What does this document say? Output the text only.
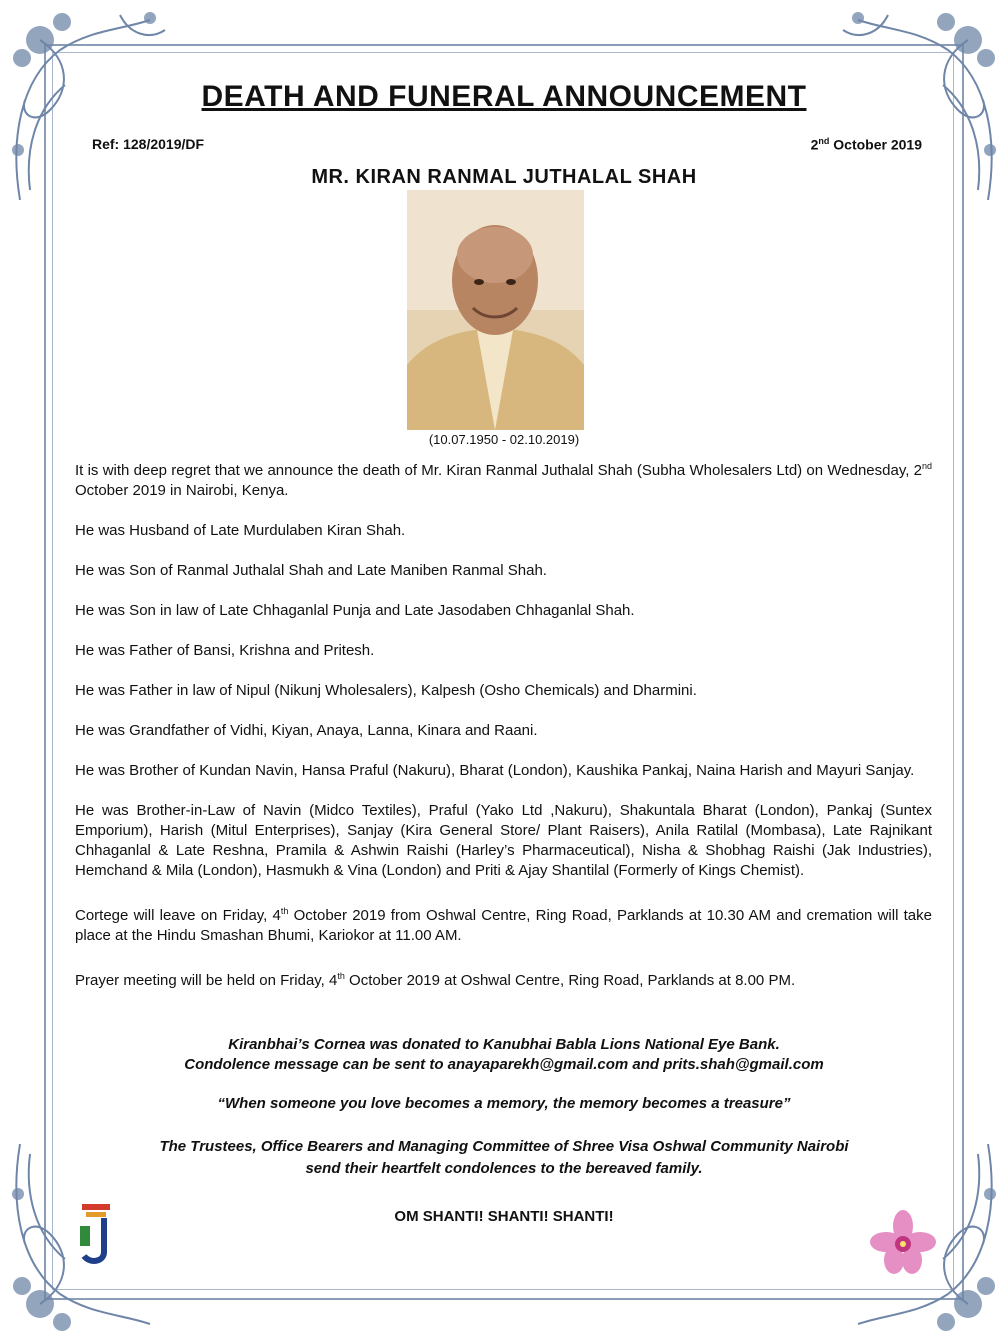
DEATH AND FUNERAL ANNOUNCEMENT
Ref: 128/2019/DF	2nd October 2019
MR. KIRAN RANMAL JUTHALAL SHAH
(10.07.1950 - 02.10.2019)

It is with deep regret that we announce the death of Mr. Kiran Ranmal Juthalal Shah (Subha Wholesalers Ltd) on Wednesday, 2nd October 2019 in Nairobi, Kenya.

He was Husband of Late Murdulaben Kiran Shah.

He was Son of Ranmal Juthalal Shah and Late Maniben Ranmal Shah.

He was Son in law of Late Chhaganlal Punja and Late Jasodaben Chhaganlal Shah.

He was Father of Bansi, Krishna and Pritesh.

He was Father in law of Nipul (Nikunj Wholesalers), Kalpesh (Osho Chemicals) and Dharmini.

He was Grandfather of Vidhi, Kiyan, Anaya, Lanna, Kinara and Raani.

He was Brother of Kundan Navin, Hansa Praful (Nakuru), Bharat (London), Kaushika Pankaj, Naina Harish and Mayuri Sanjay.

He was Brother-in-Law of Navin (Midco Textiles), Praful (Yako Ltd ,Nakuru), Shakuntala Bharat (London), Pankaj (Suntex Emporium), Harish (Mitul Enterprises), Sanjay (Kira General Store/ Plant Raisers), Anila Ratilal (Mombasa), Late Rajnikant Chhaganlal & Late Reshna, Pramila & Ashwin Raishi (Harley’s Pharmaceutical), Nisha & Shobhag Raishi (Jak Industries), Hemchand & Mila (London), Hasmukh & Vina (London) and Priti & Ajay Shantilal (Formerly of Kings Chemist).

Cortege will leave on Friday, 4th October 2019 from Oshwal Centre, Ring Road, Parklands at 10.30 AM and cremation will take place at the Hindu Smashan Bhumi, Kariokor at 11.00 AM.

Prayer meeting will be held on Friday, 4th October 2019 at Oshwal Centre, Ring Road, Parklands at 8.00 PM.

Kiranbhai’s Cornea was donated to Kanubhai Babla Lions National Eye Bank.
Condolence message can be sent to anayaparekh@gmail.com and prits.shah@gmail.com
“When someone you love becomes a memory, the memory becomes a treasure”
The Trustees, Office Bearers and Managing Committee of Shree Visa Oshwal Community Nairobi
send their heartfelt condolences to the bereaved family.
OM SHANTI! SHANTI! SHANTI!
